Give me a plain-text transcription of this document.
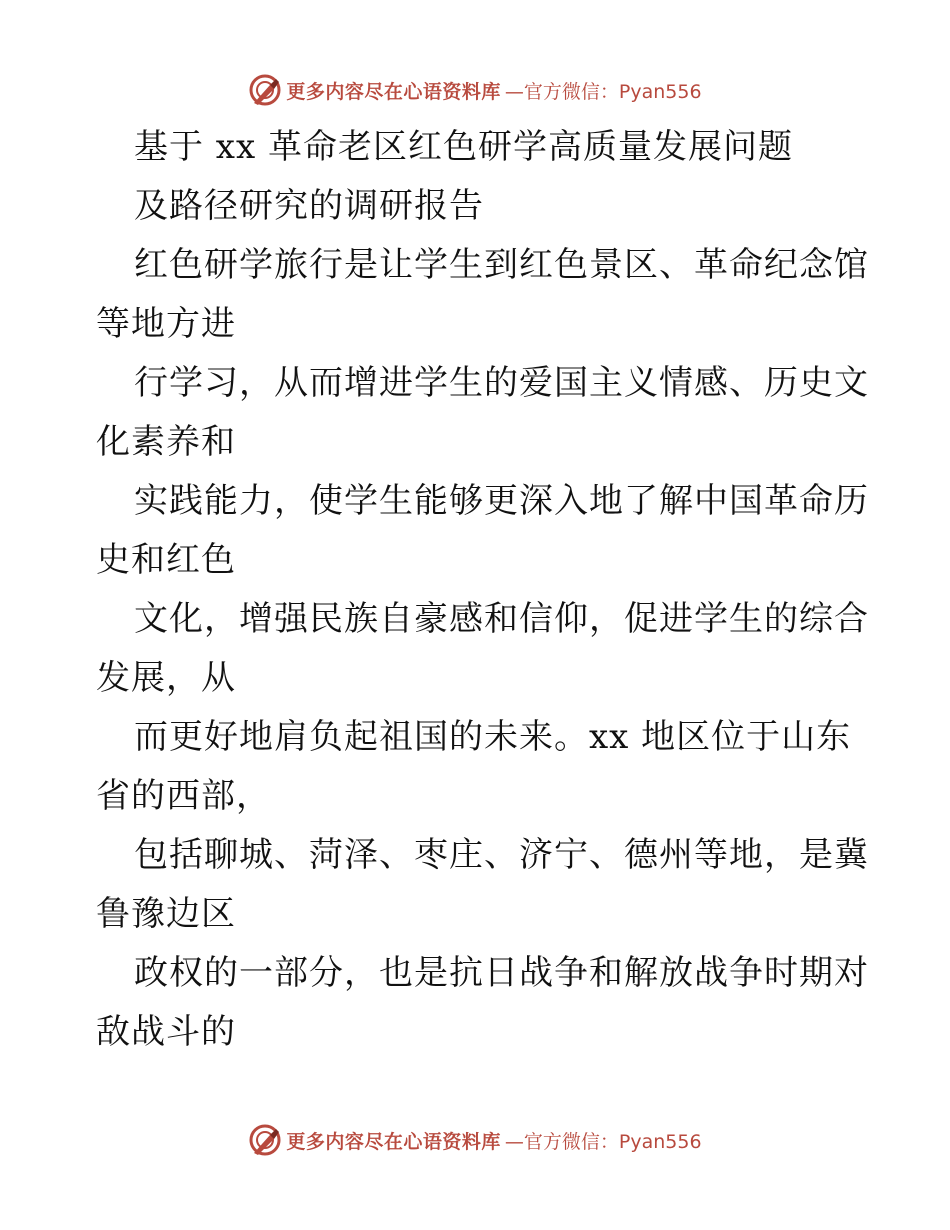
更多内容尽在心语资料库 —官方微信：Pyan556
基于 xx 革命老区红色研学高质量发展问题
及路径研究的调研报告
红色研学旅行是让学生到红色景区、革命纪念馆
等地方进
行学习，从而增进学生的爱国主义情感、历史文
化素养和
实践能力，使学生能够更深入地了解中国革命历
史和红色
文化，增强民族自豪感和信仰，促进学生的综合
发展，从
而更好地肩负起祖国的未来。xx 地区位于山东
省的西部，
包括聊城、菏泽、枣庄、济宁、德州等地，是冀
鲁豫边区
政权的一部分，也是抗日战争和解放战争时期对
敌战斗的
更多内容尽在心语资料库 —官方微信：Pyan556
